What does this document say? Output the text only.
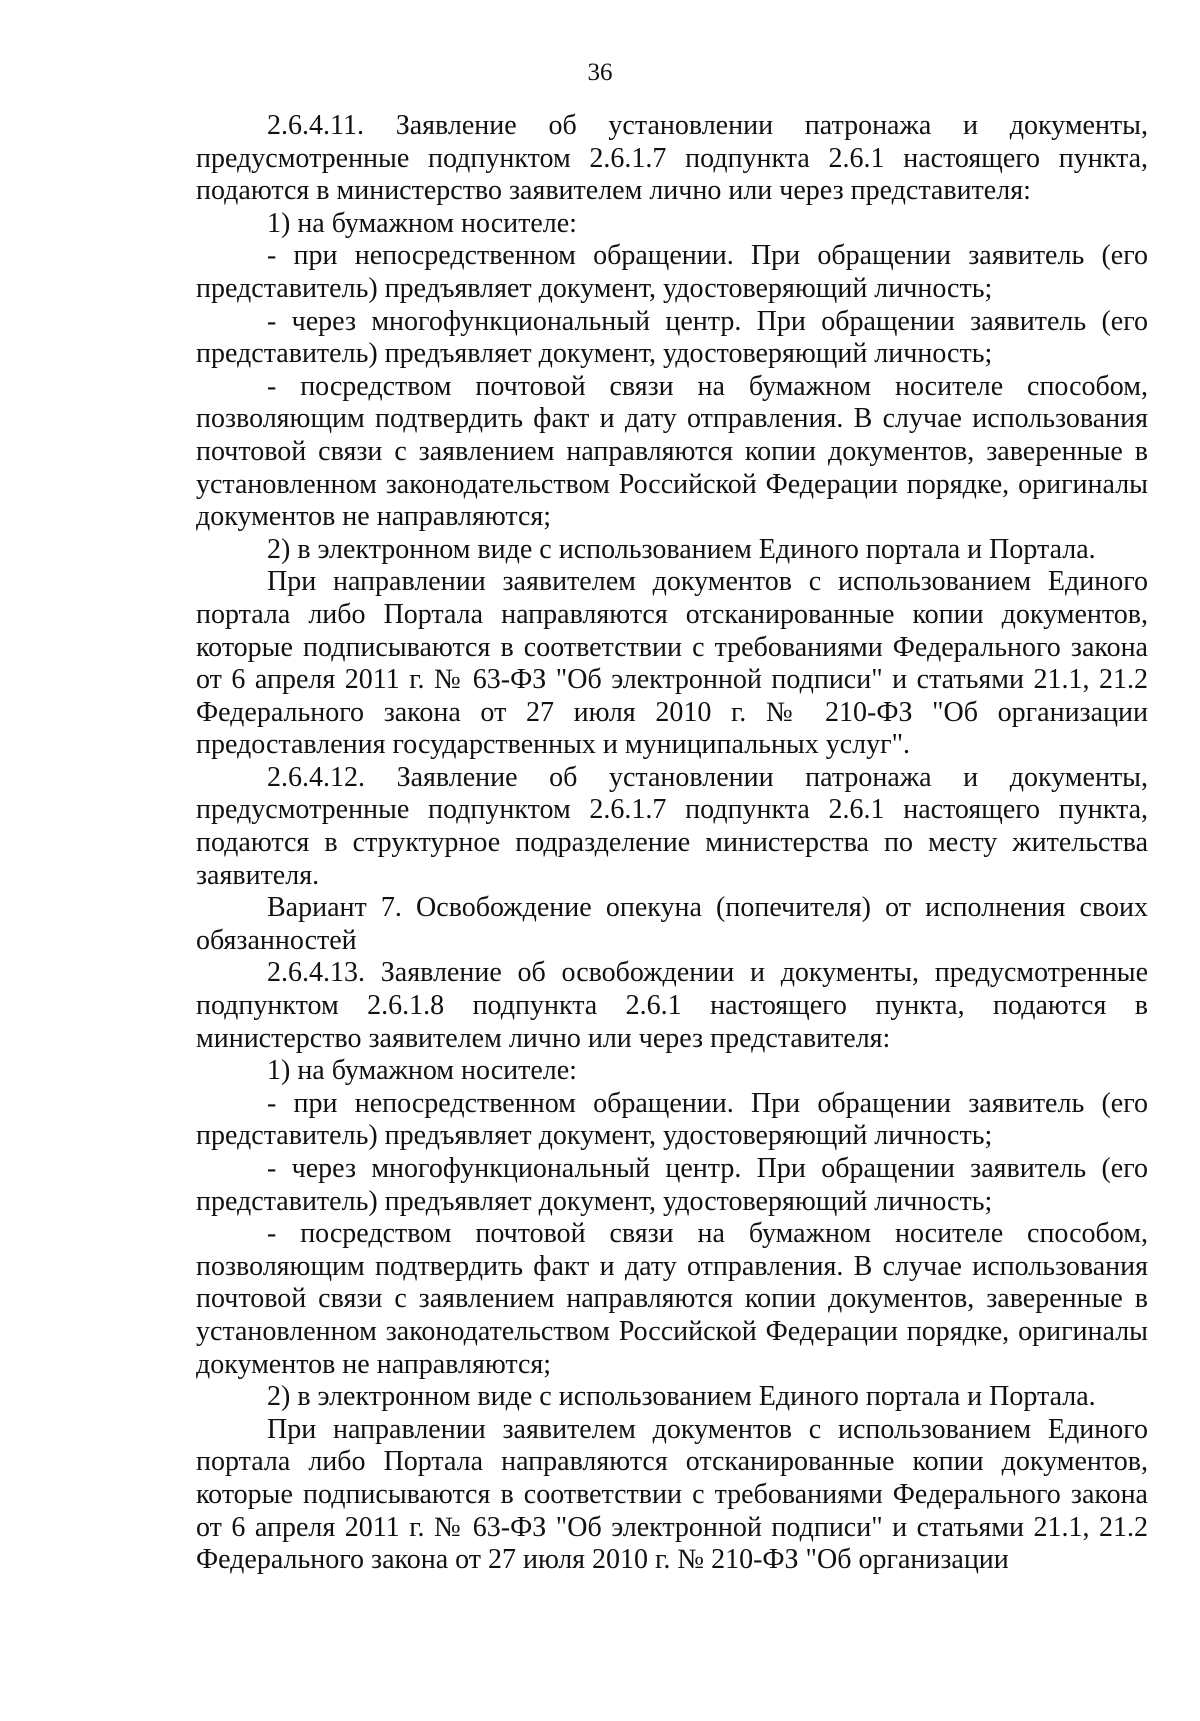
36

2.6.4.11. Заявление об установлении патронажа и документы, предусмотренные подпунктом 2.6.1.7 подпункта 2.6.1 настоящего пункта, подаются в министерство заявителем лично или через представителя:

1) на бумажном носителе:

- при непосредственном обращении. При обращении заявитель (его представитель) предъявляет документ, удостоверяющий личность;

- через многофункциональный центр. При обращении заявитель (его представитель) предъявляет документ, удостоверяющий личность;

- посредством почтовой связи на бумажном носителе способом, позволяющим подтвердить факт и дату отправления. В случае использования почтовой связи с заявлением направляются копии документов, заверенные в установленном законодательством Российской Федерации порядке, оригиналы документов не направляются;

2) в электронном виде с использованием Единого портала и Портала.

При направлении заявителем документов с использованием Единого портала либо Портала направляются отсканированные копии документов, которые подписываются в соответствии с требованиями Федерального закона от 6 апреля 2011 г. № 63-ФЗ "Об электронной подписи" и статьями 21.1, 21.2 Федерального закона от 27 июля 2010 г. № 210-ФЗ "Об организации предоставления государственных и муниципальных услуг".

2.6.4.12. Заявление об установлении патронажа и документы, предусмотренные подпунктом 2.6.1.7 подпункта 2.6.1 настоящего пункта, подаются в структурное подразделение министерства по месту жительства заявителя.

Вариант 7. Освобождение опекуна (попечителя) от исполнения своих обязанностей

2.6.4.13. Заявление об освобождении и документы, предусмотренные подпунктом 2.6.1.8 подпункта 2.6.1 настоящего пункта, подаются в министерство заявителем лично или через представителя:

1) на бумажном носителе:

- при непосредственном обращении. При обращении заявитель (его представитель) предъявляет документ, удостоверяющий личность;

- через многофункциональный центр. При обращении заявитель (его представитель) предъявляет документ, удостоверяющий личность;

- посредством почтовой связи на бумажном носителе способом, позволяющим подтвердить факт и дату отправления. В случае использования почтовой связи с заявлением направляются копии документов, заверенные в установленном законодательством Российской Федерации порядке, оригиналы документов не направляются;

2) в электронном виде с использованием Единого портала и Портала.

При направлении заявителем документов с использованием Единого портала либо Портала направляются отсканированные копии документов, которые подписываются в соответствии с требованиями Федерального закона от 6 апреля 2011 г. № 63-ФЗ "Об электронной подписи" и статьями 21.1, 21.2 Федерального закона от 27 июля 2010 г. № 210-ФЗ "Об организации
